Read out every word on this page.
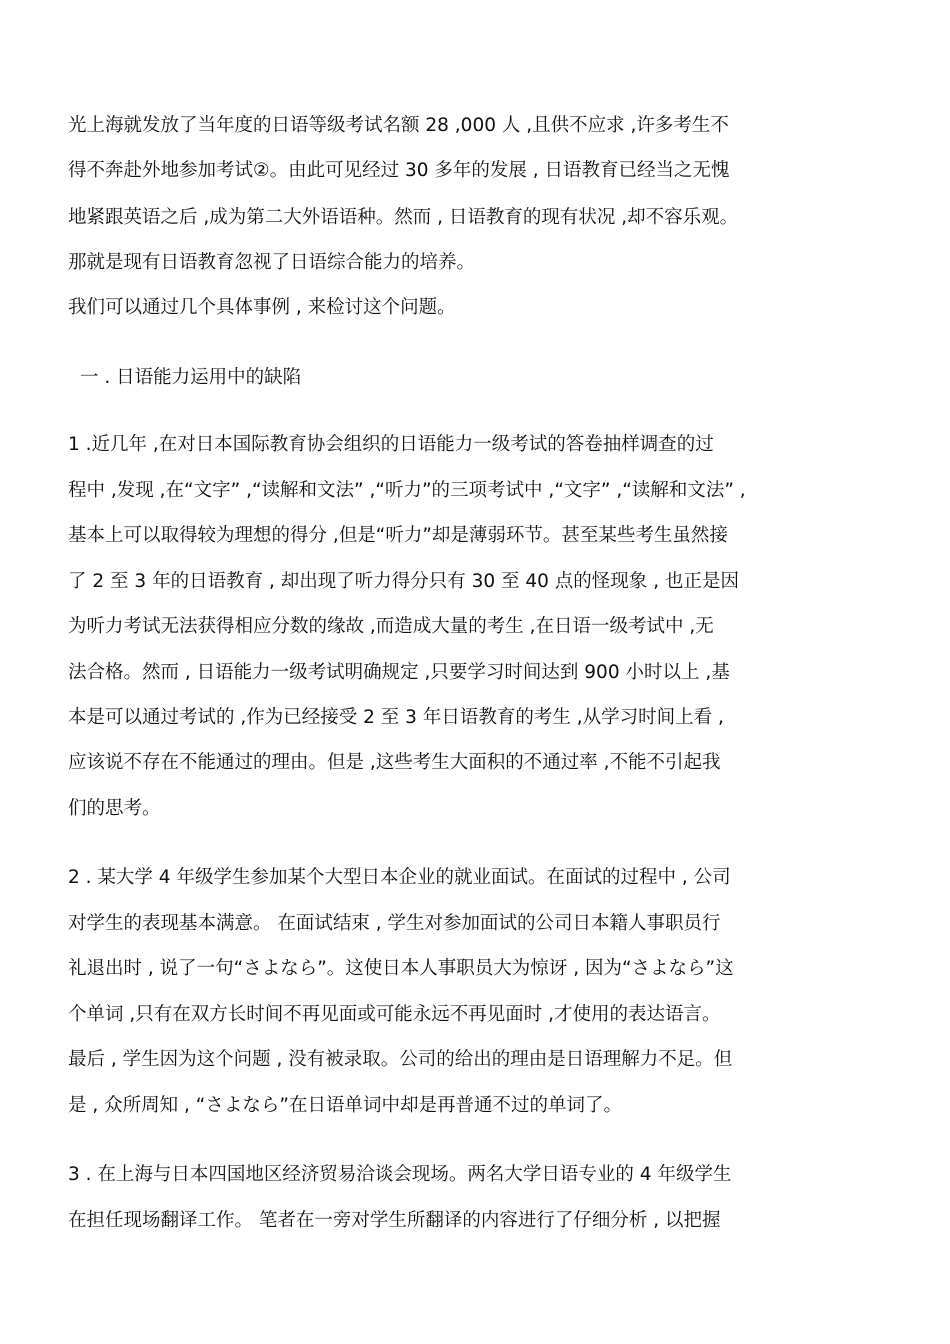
光上海就发放了当年度的日语等级考试名额 28 ,000 人 ,且供不应求 ,许多考生不
得不奔赴外地参加考试②。由此可见经过 30 多年的发展 , 日语教育已经当之无愧
地紧跟英语之后 ,成为第二大外语语种。然而 , 日语教育的现有状况 ,却不容乐观。
那就是现有日语教育忽视了日语综合能力的培养。
我们可以通过几个具体事例 , 来检讨这个问题。
一 . 日语能力运用中的缺陷
1 .近几年 ,在对日本国际教育协会组织的日语能力一级考试的答卷抽样调查的过
程中 ,发现 ,在“文字” ,“读解和文法” ,“听力”的三项考试中 ,“文字” ,“读解和文法” ,
基本上可以取得较为理想的得分 ,但是“听力”却是薄弱环节。甚至某些考生虽然接
了 2 至 3 年的日语教育 , 却出现了听力得分只有 30 至 40 点的怪现象 , 也正是因
为听力考试无法获得相应分数的缘故 ,而造成大量的考生 ,在日语一级考试中 ,无
法合格。然而 , 日语能力一级考试明确规定 ,只要学习时间达到 900 小时以上 ,基
本是可以通过考试的 ,作为已经接受 2 至 3 年日语教育的考生 ,从学习时间上看 ,
应该说不存在不能通过的理由。但是 ,这些考生大面积的不通过率 ,不能不引起我
们的思考。
2 . 某大学 4 年级学生参加某个大型日本企业的就业面试。在面试的过程中 , 公司
对学生的表现基本满意。 在面试结束 , 学生对参加面试的公司日本籍人事职员行
礼退出时 , 说了一句“さよなら”。这使日本人事职员大为惊讶 , 因为“さよなら”这
个单词 ,只有在双方长时间不再见面或可能永远不再见面时 ,才使用的表达语言。
最后 , 学生因为这个问题 , 没有被录取。公司的给出的理由是日语理解力不足。但
是 , 众所周知 , “さよなら”在日语单词中却是再普通不过的单词了。
3 . 在上海与日本四国地区经济贸易洽谈会现场。两名大学日语专业的 4 年级学生
在担任现场翻译工作。 笔者在一旁对学生所翻译的内容进行了仔细分析 , 以把握
